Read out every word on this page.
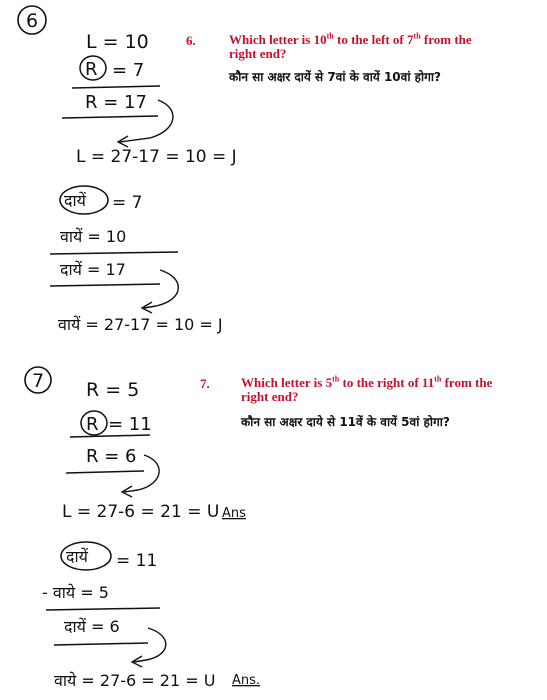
6
L = 10
R = 7
R = 17
L = 27-17 = 10 = J
दायें = 7
वायें = 10
दायें = 17
वायें = 27-17 = 10 = J
7 R = 5
R = 11
R = 6
L = 27-6 = 21 = U Ans
दायें = 11
- वाये = 5
दायें = 6
वाये = 27-6 = 21 = U Ans.
6.	Which letter is 10th to the left of 7th from the
right end?
कौन सा अक्षर दायें से 7वां के वायें 10वां होगा?
7. Which letter is 5th to the right of 11th from the
right end?
कौन सा अक्षर दाये से 11वें के वायें 5वां होगा?
